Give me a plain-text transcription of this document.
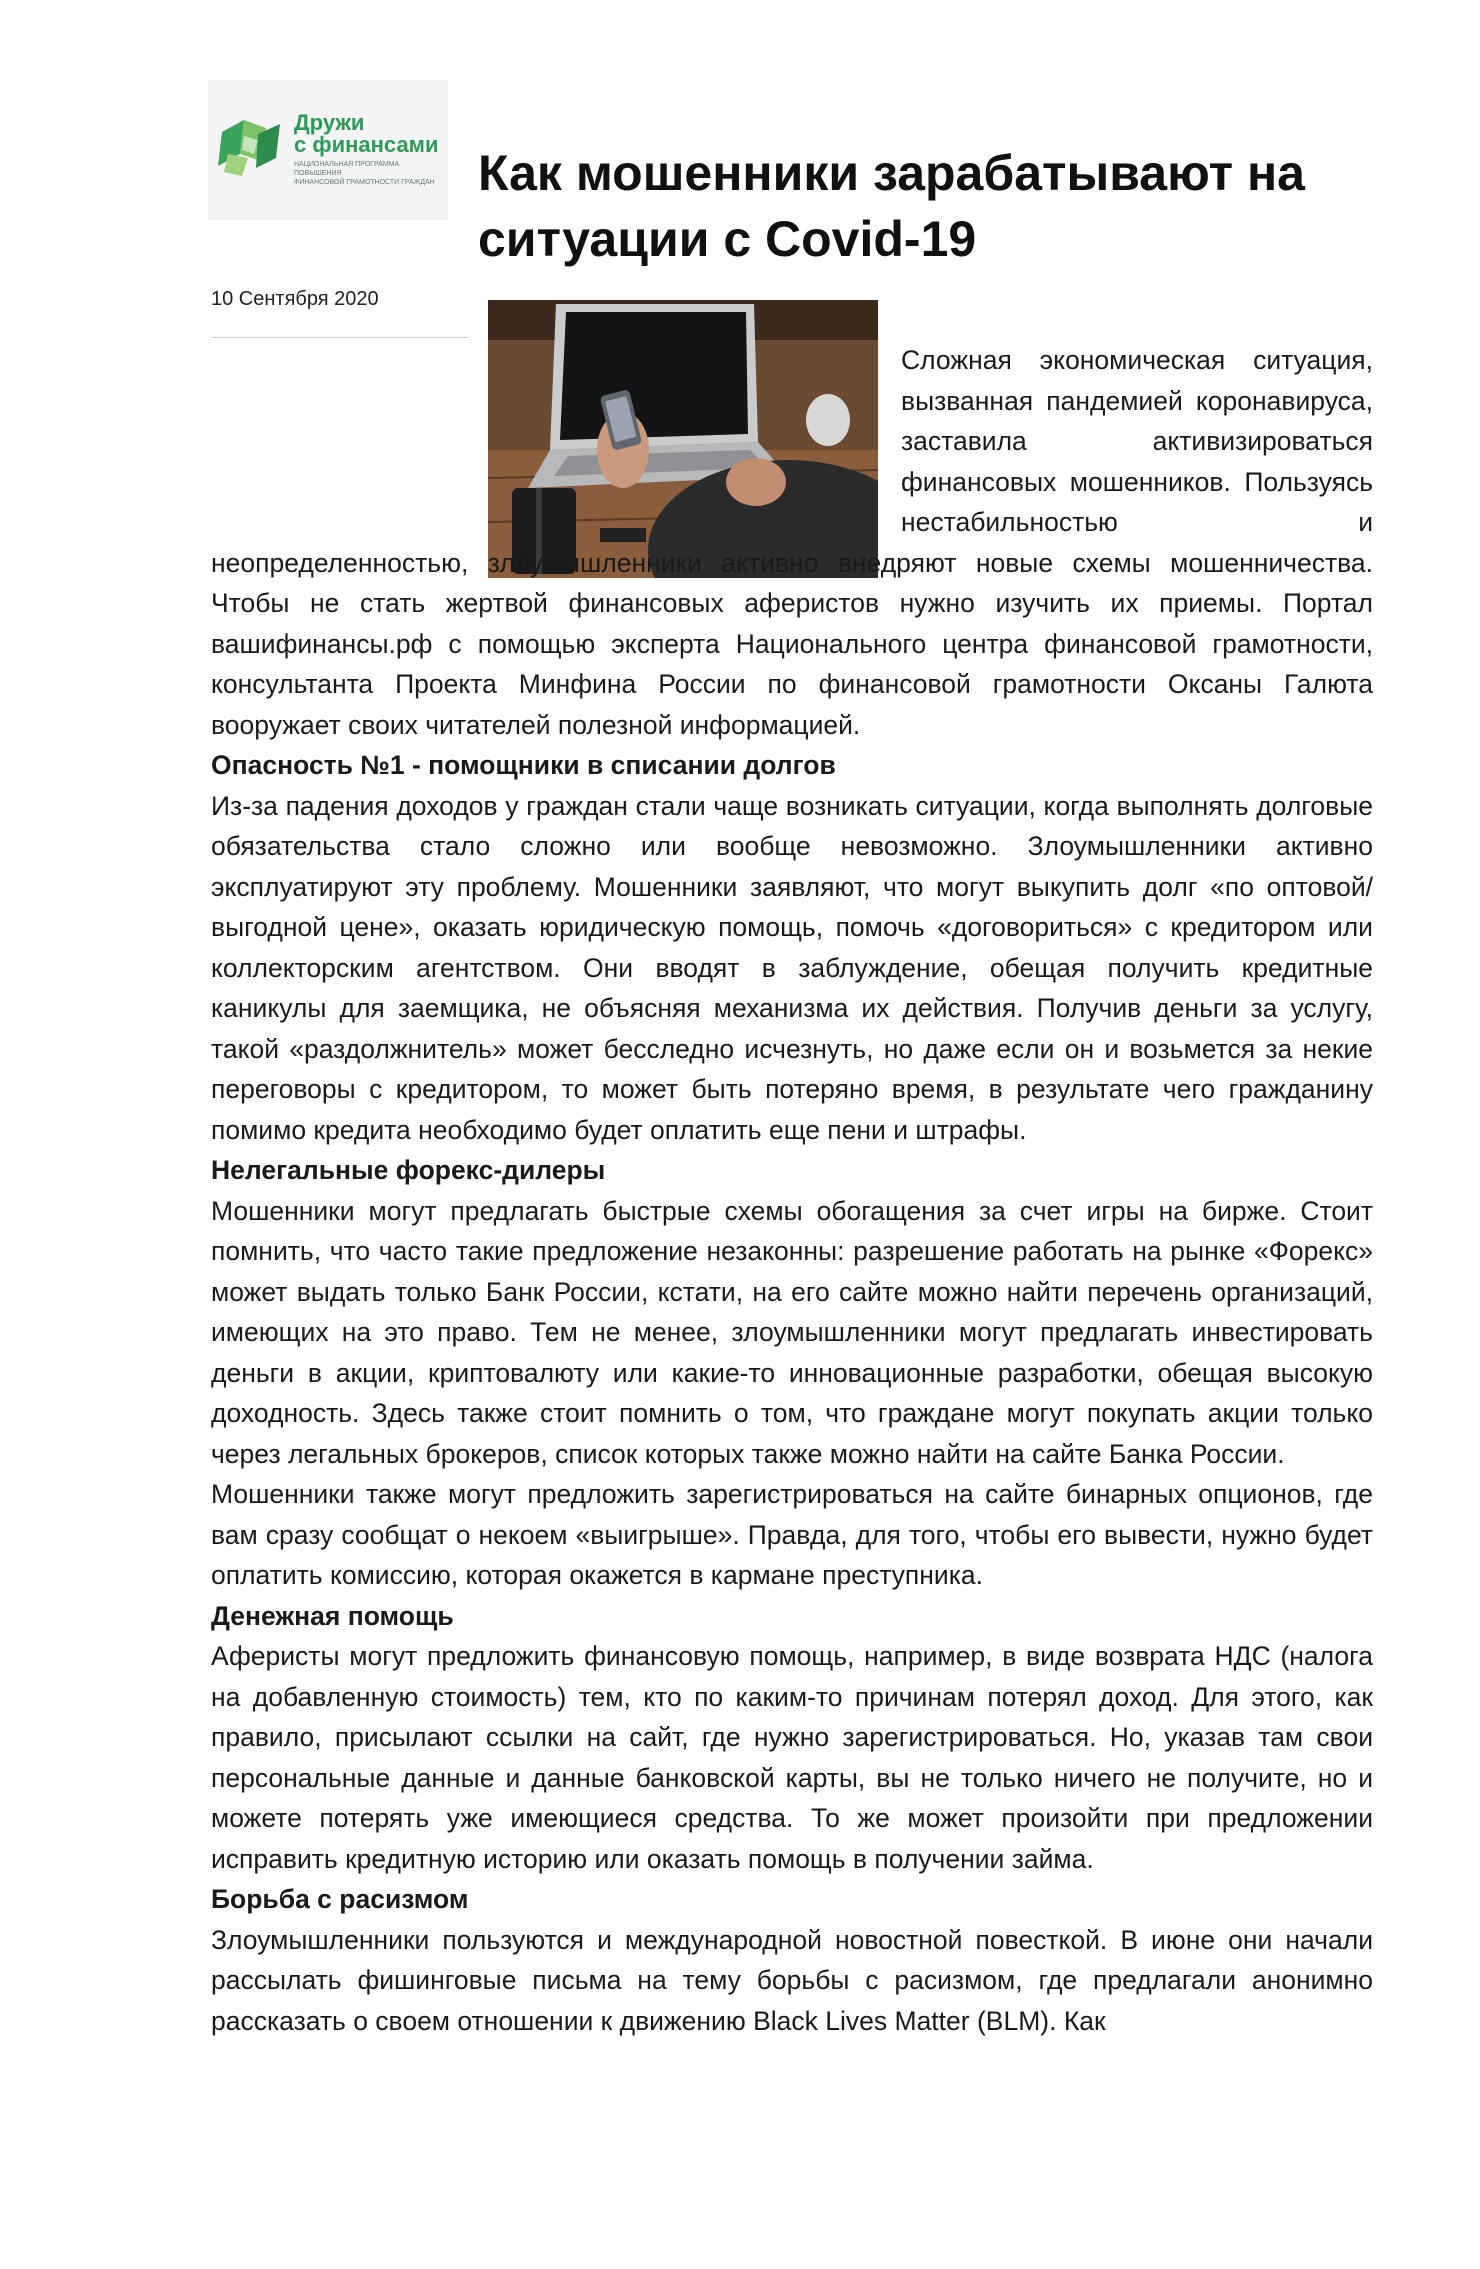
Дружи
с финансами
НАЦИОНАЛЬНАЯ ПРОГРАММА ПОВЫШЕНИЯ
ФИНАНСОВОЙ ГРАМОТНОСТИ ГРАЖДАН Как мошенники зарабатывают на ситуации с Covid-19
10 Сентября 2020

Сложная экономическая ситуация, вызванная пандемией коронавируса, заставила активизироваться финансовых мошенников. Пользуясь нестабильностью и неопределенностью, злоумышленники активно внедряют новые схемы мошенничества. Чтобы не стать жертвой финансовых аферистов нужно изучить их приемы. Портал вашифинансы.рф с помощью эксперта Национального центра финансовой грамотности, консультанта Проекта Минфина России по финансовой грамотности Оксаны Галюта вооружает своих читателей полезной информацией.

Опасность №1 - помощники в списании долгов

Из-за падения доходов у граждан стали чаще возникать ситуации, когда выполнять долговые обязательства стало сложно или вообще невозможно. Злоумышленники активно эксплуатируют эту проблему. Мошенники заявляют, что могут выкупить долг «по оптовой/выгодной цене», оказать юридическую помощь, помочь «договориться» с кредитором или коллекторским агентством. Они вводят в заблуждение, обещая получить кредитные каникулы для заемщика, не объясняя механизма их действия. Получив деньги за услугу, такой «раздолжнитель» может бесследно исчезнуть, но даже если он и возьмется за некие переговоры с кредитором, то может быть потеряно время, в результате чего гражданину помимо кредита необходимо будет оплатить еще пени и штрафы.

Нелегальные форекс-дилеры

Мошенники могут предлагать быстрые схемы обогащения за счет игры на бирже. Стоит помнить, что часто такие предложение незаконны: разрешение работать на рынке «Форекс» может выдать только Банк России, кстати, на его сайте можно найти перечень организаций, имеющих на это право. Тем не менее, злоумышленники могут предлагать инвестировать деньги в акции, криптовалюту или какие-то инновационные разработки, обещая высокую доходность. Здесь также стоит помнить о том, что граждане могут покупать акции только через легальных брокеров, список которых также можно найти на сайте Банка России.

Мошенники также могут предложить зарегистрироваться на сайте бинарных опционов, где вам сразу сообщат о некоем «выигрыше». Правда, для того, чтобы его вывести, нужно будет оплатить комиссию, которая окажется в кармане преступника.

Денежная помощь

Аферисты могут предложить финансовую помощь, например, в виде возврата НДС (налога на добавленную стоимость) тем, кто по каким-то причинам потерял доход. Для этого, как правило, присылают ссылки на сайт, где нужно зарегистрироваться. Но, указав там свои персональные данные и данные банковской карты, вы не только ничего не получите, но и можете потерять уже имеющиеся средства. То же может произойти при предложении исправить кредитную историю или оказать помощь в получении займа.

Борьба с расизмом

Злоумышленники пользуются и международной новостной повесткой. В июне они начали рассылать фишинговые письма на тему борьбы с расизмом, где предлагали анонимно рассказать о своем отношении к движению Black Lives Matter (BLM). Как
